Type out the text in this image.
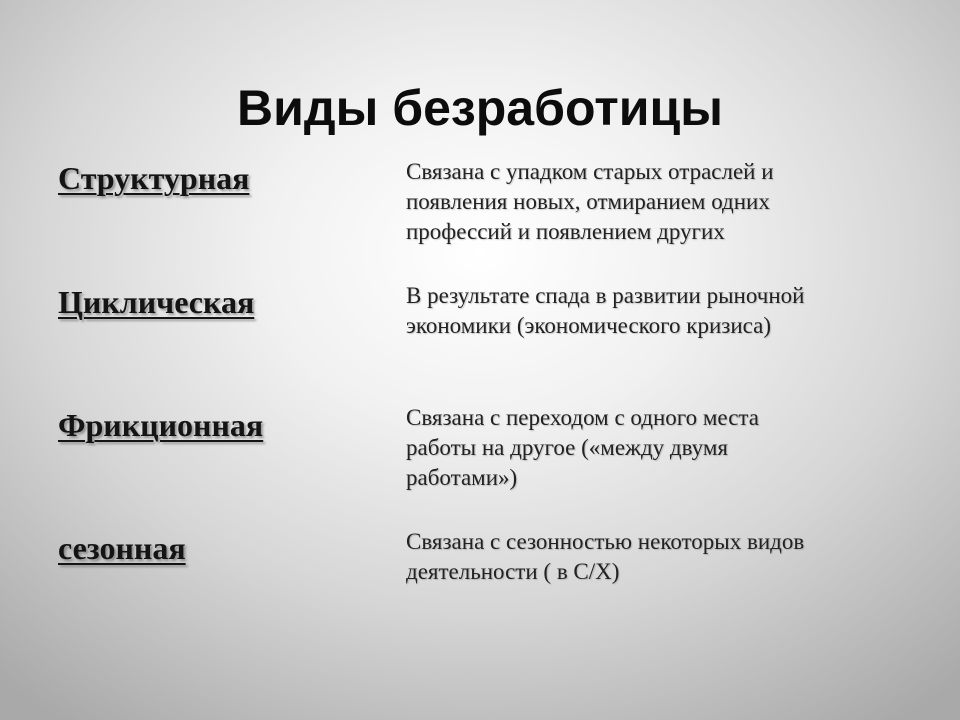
Виды безработицы
Структурная	Связана с упадком старых отраслей и
появления новых, отмиранием одних
профессий и появлением других
Циклическая	В результате спада в развитии рыночной
экономики (экономического кризиса)
Фрикционная	Связана с переходом с одного места
работы на другое («между двумя
работами»)
сезонная	Связана с сезонностью некоторых видов
деятельности ( в С/Х)
